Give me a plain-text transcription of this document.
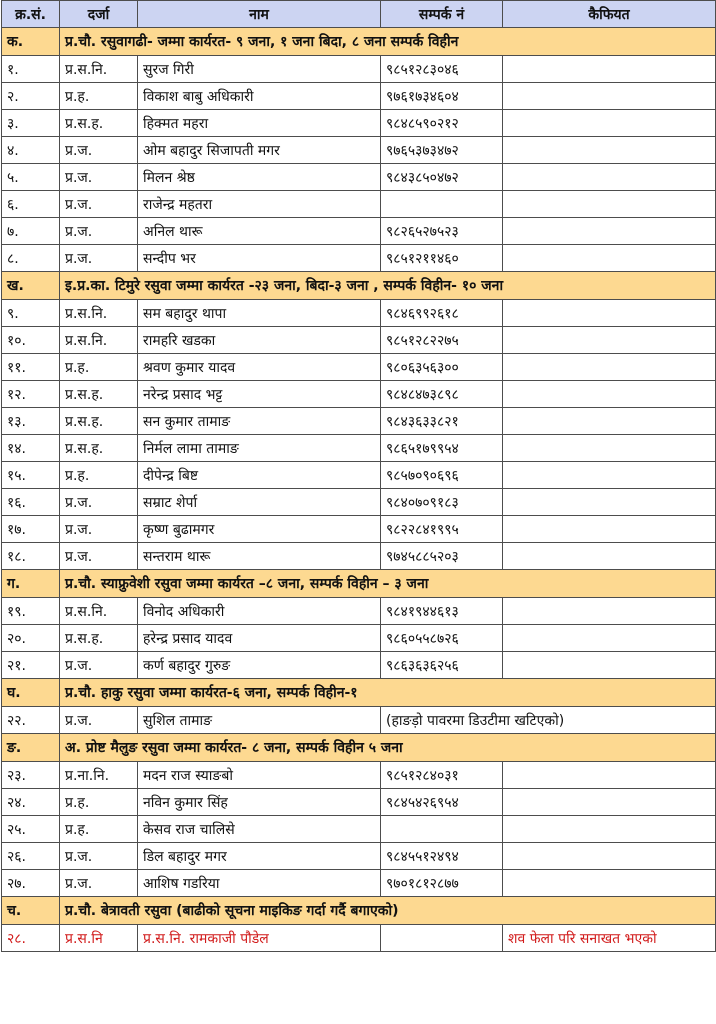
क्र.सं.	दर्जा	नाम	सम्पर्क नं	कैफियत
क.	प्र.चौ. रसुवागढी- जम्मा कार्यरत- ९ जना, १ जना बिदा, ८ जना सम्पर्क विहीन			
१.	प्र.स.नि.	सुरज गिरी	९८५१२८३०४६	
२.	प्र.ह.	विकाश बाबु अधिकारी	९७६१७३४६०४	
३.	प्र.स.ह.	हिक्मत महरा	९८४८५९०२१२	
४.	प्र.ज.	ओम बहादुर सिजापती मगर	९७६५३७३४७२	
५.	प्र.ज.	मिलन श्रेष्ठ	९८४३८५०४७२	
६.	प्र.ज.	राजेन्द्र महतरा		
७.	प्र.ज.	अनिल थारू	९८२६५२७५२३	
८.	प्र.ज.	सन्दीप भर	९८५१२११४६०	
ख.	इ.प्र.का. टिमुरे रसुवा जम्मा कार्यरत -२३ जना, बिदा-३ जना , सम्पर्क विहीन- १० जना			
९.	प्र.स.नि.	सम बहादुर थापा	९८४६९९२६१८	
१०.	प्र.स.नि.	रामहरि खडका	९८५१२८२२७५	
११.	प्र.ह.	श्रवण कुमार यादव	९८०६३५६३००	
१२.	प्र.स.ह.	नरेन्द्र प्रसाद भट्ट	९८४८४७३८९८	
१३.	प्र.स.ह.	सन कुमार तामाङ	९८४३६३३८२१	
१४.	प्र.स.ह.	निर्मल लामा तामाङ	९८६५१७९९५४	
१५.	प्र.ह.	दीपेन्द्र बिष्ट	९८५७०९०६९६	
१६.	प्र.ज.	सम्राट शेर्पा	९८४०७०९१८३	
१७.	प्र.ज.	कृष्ण बुढामगर	९८२२८४१९९५	
१८.	प्र.ज.	सन्तराम थारू	९७४५८८५२०३	
ग.	प्र.चौ. स्याफ्रुवेशी रसुवा जम्मा कार्यरत –८ जना, सम्पर्क विहीन – ३ जना			
१९.	प्र.स.नि.	विनोद अधिकारी	९८४१९४४६१३	
२०.	प्र.स.ह.	हरेन्द्र प्रसाद यादव	९८६०५५८७२६	
२१.	प्र.ज.	कर्ण बहादुर गुरुङ	९८६३६३६२५६	
घ.	प्र.चौ. हाकु रसुवा जम्मा कार्यरत-६ जना, सम्पर्क विहीन-१			
२२.	प्र.ज.	सुशिल तामाङ	(हाङड़ो पावरमा डिउटीमा खटिएको)	
ङ.	अ. प्रोष्ट मैलुङ रसुवा जम्मा कार्यरत- ८ जना, सम्पर्क विहीन ५ जना			
२३.	प्र.ना.नि.	मदन राज स्याङबो	९८५१२८४०३१	
२४.	प्र.ह.	नविन कुमार सिंह	९८४५४२६९५४	
२५.	प्र.ह.	केसव राज चालिसे		
२६.	प्र.ज.	डिल बहादुर मगर	९८४५५१२४९४	
२७.	प्र.ज.	आशिष गडरिया	९७०१८१२८७७	
च.	प्र.चौ. बेत्रावती रसुवा (बाढीको सूचना माइकिङ गर्दा गर्दै बगाएको)			
२८.	प्र.स.नि	प्र.स.नि. रामकाजी पौडेल		शव फेला परि सनाखत भएको
